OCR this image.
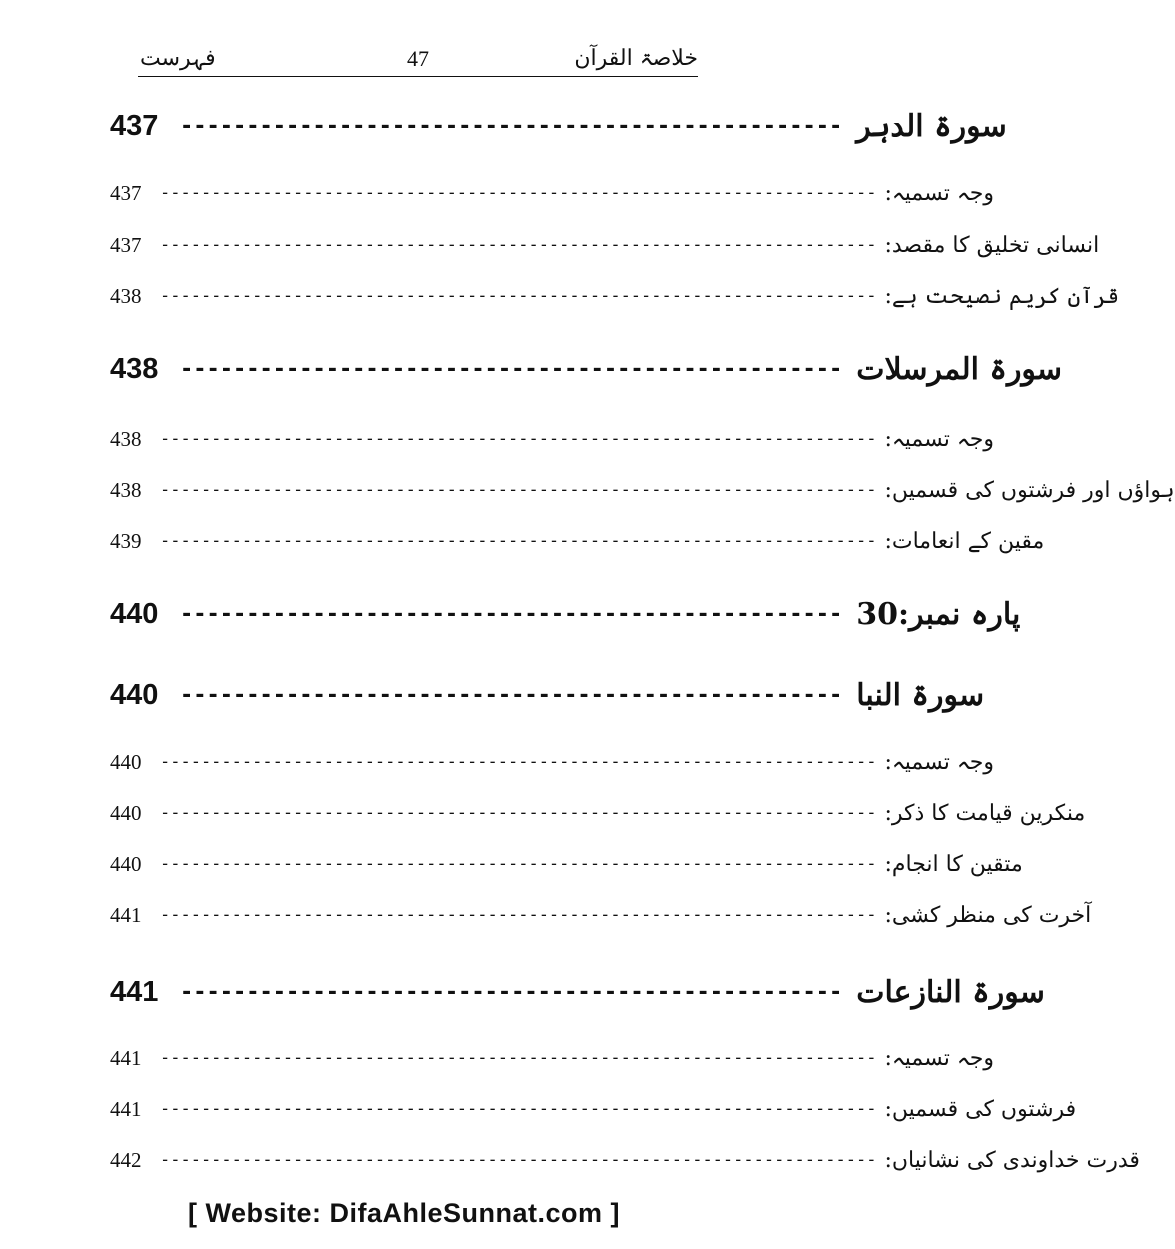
فہرست	47	خلاصۃ القرآن
437 -------------------------------------------------- سورۃ الدہر
437	---------------------------------------------------------------------- وجہ تسمیہ:
437	---------------------------------------------------------------------- انسانی تخلیق کا مقصد:
438	---------------------------------------------------------------------- قرآن کریم نصیحت ہے:
438 -------------------------------------------------- سورۃ المرسلات
438	---------------------------------------------------------------------- وجہ تسمیہ:
438	---------------------------------------------------------------------- ہواؤں اور فرشتوں کی قسمیں:
439	---------------------------------------------------------------------- مقین کے انعامات:
440 -------------------------------------------------- پارہ نمبر:30
440 -------------------------------------------------- سورۃ النبا
440	---------------------------------------------------------------------- وجہ تسمیہ:
440	---------------------------------------------------------------------- منکرین قیامت کا ذکر:
440	---------------------------------------------------------------------- متقین کا انجام:
441	---------------------------------------------------------------------- آخرت کی منظر کشی:
441 -------------------------------------------------- سورۃ النازعات
441	---------------------------------------------------------------------- وجہ تسمیہ:
441	---------------------------------------------------------------------- فرشتوں کی قسمیں:
442	---------------------------------------------------------------------- قدرت خداوندی کی نشانیاں:
[ Website: DifaAhleSunnat.com ]
